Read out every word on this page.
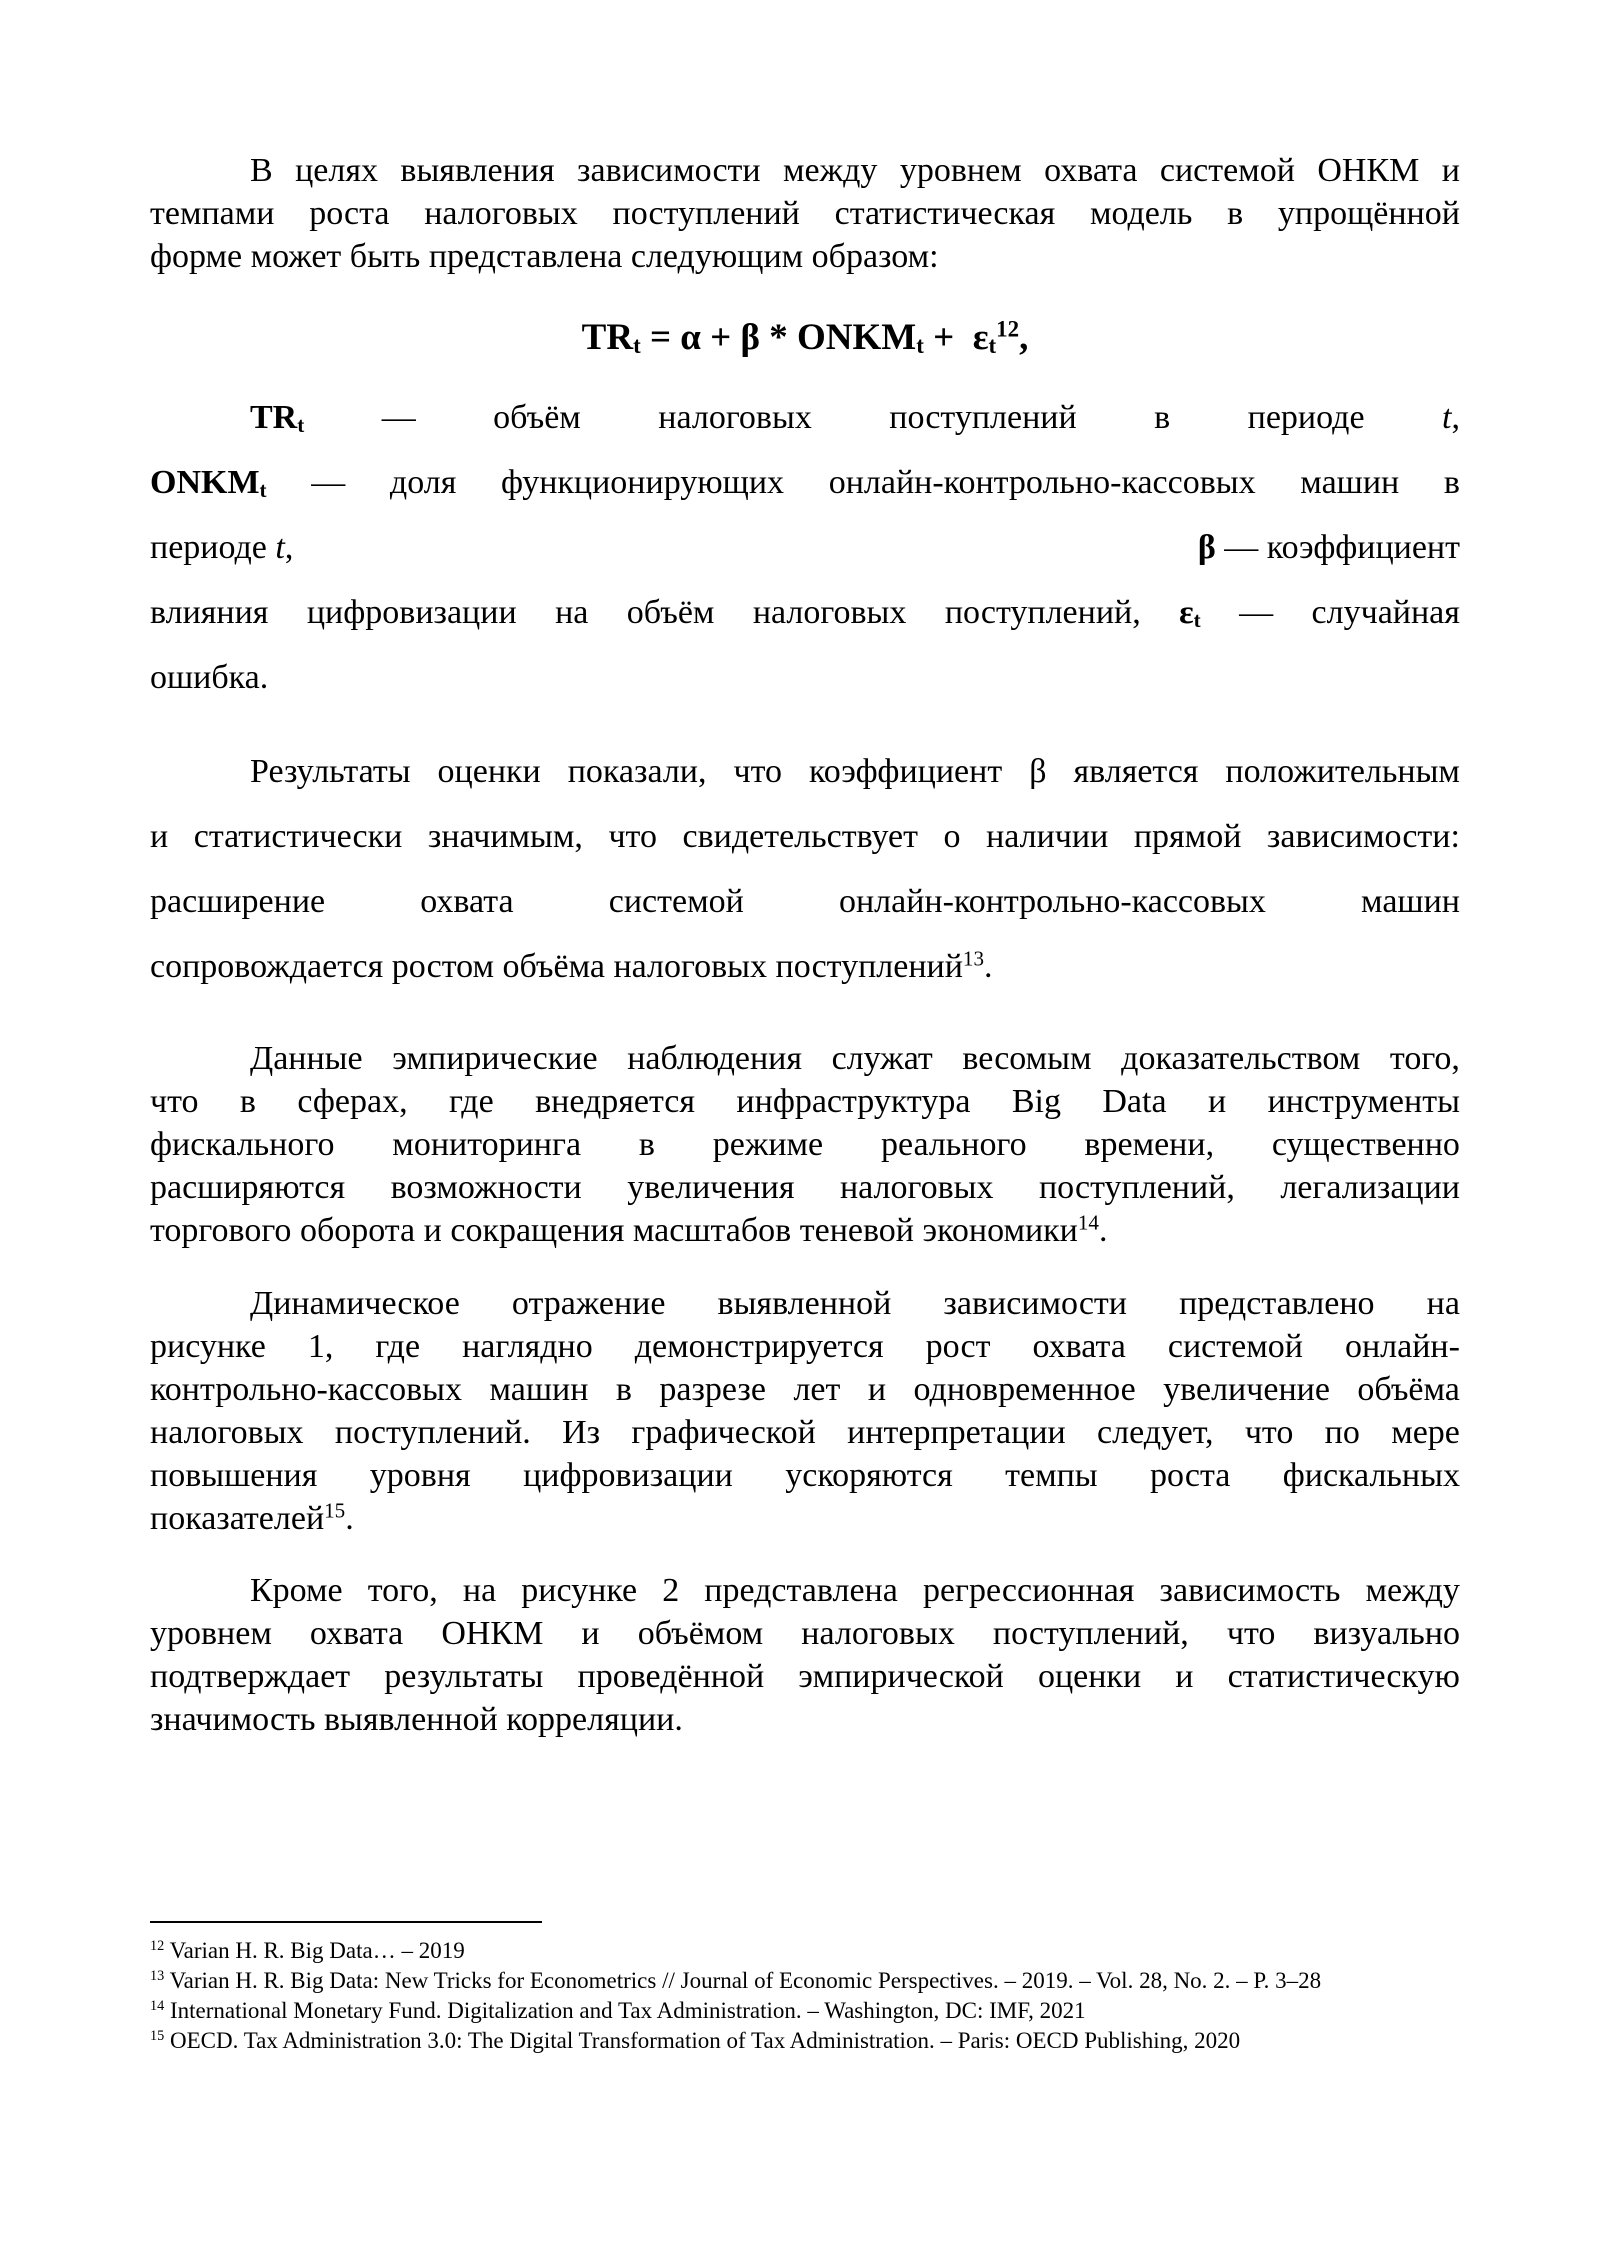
В целях выявления зависимости между уровнем охвата системой ОНКМ и
темпами роста налоговых поступлений статистическая модель в упрощённой
форме может быть представлена следующим образом:
$TR_t = \alpha + \beta$ * $ONKM_t + \varepsilon_t^{12}$,
$TR_t$ — объём налоговых поступлений в периоде t,
$ONKM_t$ — доля функционирующих онлайн-контрольно-кассовых машин в
периоде t,	β — коэффициент
влияния цифровизации на объём налоговых поступлений, $\varepsilon_t$ — случайная
ошибка.
Результаты оценки показали, что коэффициент β является положительным
и статистически значимым, что свидетельствует о наличии прямой зависимости:
расширение	охвата	системой	онлайн-контрольно-кассовых	машин
сопровождается ростом объёма налоговых поступлений$^{13}$.
Данные эмпирические наблюдения служат весомым доказательством того,
что в сферах, где внедряется инфраструктура Big Data и инструменты
фискального мониторинга в режиме реального времени, существенно
расширяются возможности увеличения налоговых поступлений, легализации
торгового оборота и сокращения масштабов теневой экономики$^{14}$.
Динамическое отражение выявленной зависимости представлено на
рисунке 1, где наглядно демонстрируется рост охвата системой онлайн-
контрольно-кассовых машин в разрезе лет и одновременное увеличение объёма
налоговых поступлений. Из графической интерпретации следует, что по мере
повышения уровня цифровизации ускоряются темпы роста фискальных
показателей$^{15}$.
Кроме того, на рисунке 2 представлена регрессионная зависимость между
уровнем охвата ОНКМ и объёмом налоговых поступлений, что визуально
подтверждает результаты проведённой эмпирической оценки и статистическую
значимость выявленной корреляции.
$^{12}$ Varian H. R. Big Data… – 2019
$^{13}$ Varian H. R. Big Data: New Tricks for Econometrics // Journal of Economic Perspectives. – 2019. – Vol. 28, No. 2. – P. 3–28
$^{14}$ International Monetary Fund. Digitalization and Tax Administration. – Washington, DC: IMF, 2021
$^{15}$ OECD. Tax Administration 3.0: The Digital Transformation of Tax Administration. – Paris: OECD Publishing, 2020
